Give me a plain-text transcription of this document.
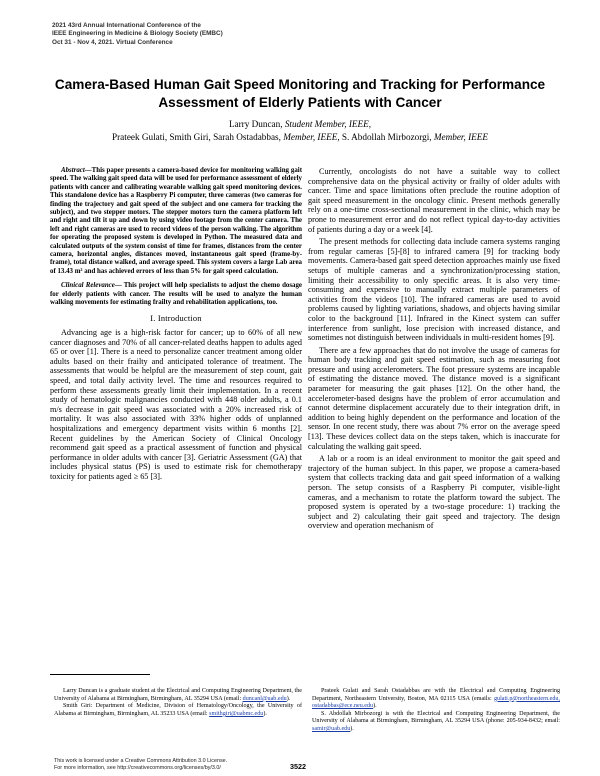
2021 43rd Annual International Conference of the
IEEE Engineering in Medicine & Biology Society (EMBC)
Oct 31 - Nov 4, 2021. Virtual Conference
Camera-Based Human Gait Speed Monitoring and Tracking for Performance Assessment of Elderly Patients with Cancer
Larry Duncan, Student Member, IEEE,
Prateek Gulati, Smith Giri, Sarah Ostadabbas, Member, IEEE, S. Abdollah Mirbozorgi, Member, IEEE

Abstract—This paper presents a camera-based device for monitoring walking gait speed. The walking gait speed data will be used for performance assessment of elderly patients with cancer and calibrating wearable walking gait speed monitoring devices. This standalone device has a Raspberry Pi computer, three cameras (two cameras for finding the trajectory and gait speed of the subject and one camera for tracking the subject), and two stepper motors. The stepper motors turn the camera platform left and right and tilt it up and down by using video footage from the center camera. The left and right cameras are used to record videos of the person walking. The algorithm for operating the proposed system is developed in Python. The measured data and calculated outputs of the system consist of time for frames, distances from the center camera, horizontal angles, distances moved, instantaneous gait speed (frame-by-frame), total distance walked, and average speed. This system covers a large Lab area of 13.43 m² and has achieved errors of less than 5% for gait speed calculation.

Clinical Relevance— This project will help specialists to adjust the chemo dosage for elderly patients with cancer. The results will be used to analyze the human walking movements for estimating frailty and rehabilitation applications, too.

I. Introduction

Advancing age is a high-risk factor for cancer; up to 60% of all new cancer diagnoses and 70% of all cancer-related deaths happen to adults aged 65 or over [1]. There is a need to personalize cancer treatment among older adults based on their frailty and anticipated tolerance of treatment. The assessments that would be helpful are the measurement of step count, gait speed, and total daily activity level. The time and resources required to perform these assessments greatly limit their implementation. In a recent study of hematologic malignancies conducted with 448 older adults, a 0.1 m/s decrease in gait speed was associated with a 20% increased risk of mortality. It was also associated with 33% higher odds of unplanned hospitalizations and emergency department visits within 6 months [2]. Recent guidelines by the American Society of Clinical Oncology recommend gait speed as a practical assessment of function and physical performance in older adults with cancer [3]. Geriatric Assessment (GA) that includes physical status (PS) is used to estimate risk for chemotherapy toxicity for patients aged ≥ 65 [3].

Currently, oncologists do not have a suitable way to collect comprehensive data on the physical activity or frailty of older adults with cancer. Time and space limitations often preclude the routine adoption of gait speed measurement in the oncology clinic. Present methods generally rely on a one-time cross-sectional measurement in the clinic, which may be prone to measurement error and do not reflect typical day-to-day activities of patients during a day or a week [4].

The present methods for collecting data include camera systems ranging from regular cameras [5]-[8] to infrared camera [9] for tracking body movements. Camera-based gait speed detection approaches mainly use fixed setups of multiple cameras and a synchronization/processing station, limiting their accessibility to only specific areas. It is also very time-consuming and expensive to manually extract multiple parameters of activities from the videos [10]. The infrared cameras are used to avoid problems caused by lighting variations, shadows, and objects having similar color to the background [11]. Infrared in the Kinect system can suffer interference from sunlight, lose precision with increased distance, and sometimes not distinguish between individuals in multi-resident homes [9].

There are a few approaches that do not involve the usage of cameras for human body tracking and gait speed estimation, such as measuring foot pressure and using accelerometers. The foot pressure systems are incapable of estimating the distance moved. The distance moved is a significant parameter for measuring the gait phases [12]. On the other hand, the accelerometer-based designs have the problem of error accumulation and cannot determine displacement accurately due to their integration drift, in addition to being highly dependent on the performance and location of the sensor. In one recent study, there was about 7% error on the average speed [13]. These devices collect data on the steps taken, which is inaccurate for calculating the walking gait speed.

A lab or a room is an ideal environment to monitor the gait speed and trajectory of the human subject. In this paper, we propose a camera-based system that collects tracking data and gait speed information of a walking person. The setup consists of a Raspberry Pi computer, visible-light cameras, and a mechanism to rotate the platform toward the subject. The proposed system is operated by a two-stage procedure: 1) tracking the subject and 2) calculating their gait speed and trajectory. The design overview and operation mechanism of

Larry Duncan is a graduate student at the Electrical and Computing Engineering Department, the University of Alabama at Birmingham, Birmingham, AL 35294 USA (email: duncanl@uab.edu).

Smith Giri: Department of Medicine, Division of Hematology/Oncology, the University of Alabama at Birmingham, Birmingham, AL 35233 USA (email: smithgiri@uabmc.edu).

Prateek Gulati and Sarah Ostadabbas are with the Electrical and Computing Engineering Department, Northeastern University, Boston, MA 02115 USA (emails: gulati.p@northeastern.edu, ostadabbas@ece.neu.edu).

S. Abdollah Mirbozorgi is with the Electrical and Computing Engineering Department, the University of Alabama at Birmingham, Birmingham, AL 35294 USA (phone: 205-934-8432; email: samir@uab.edu).

This work is licensed under a Creative Commons Attribution 3.0 License.
For more information, see http://creativecommons.org/licenses/by/3.0/	3522
